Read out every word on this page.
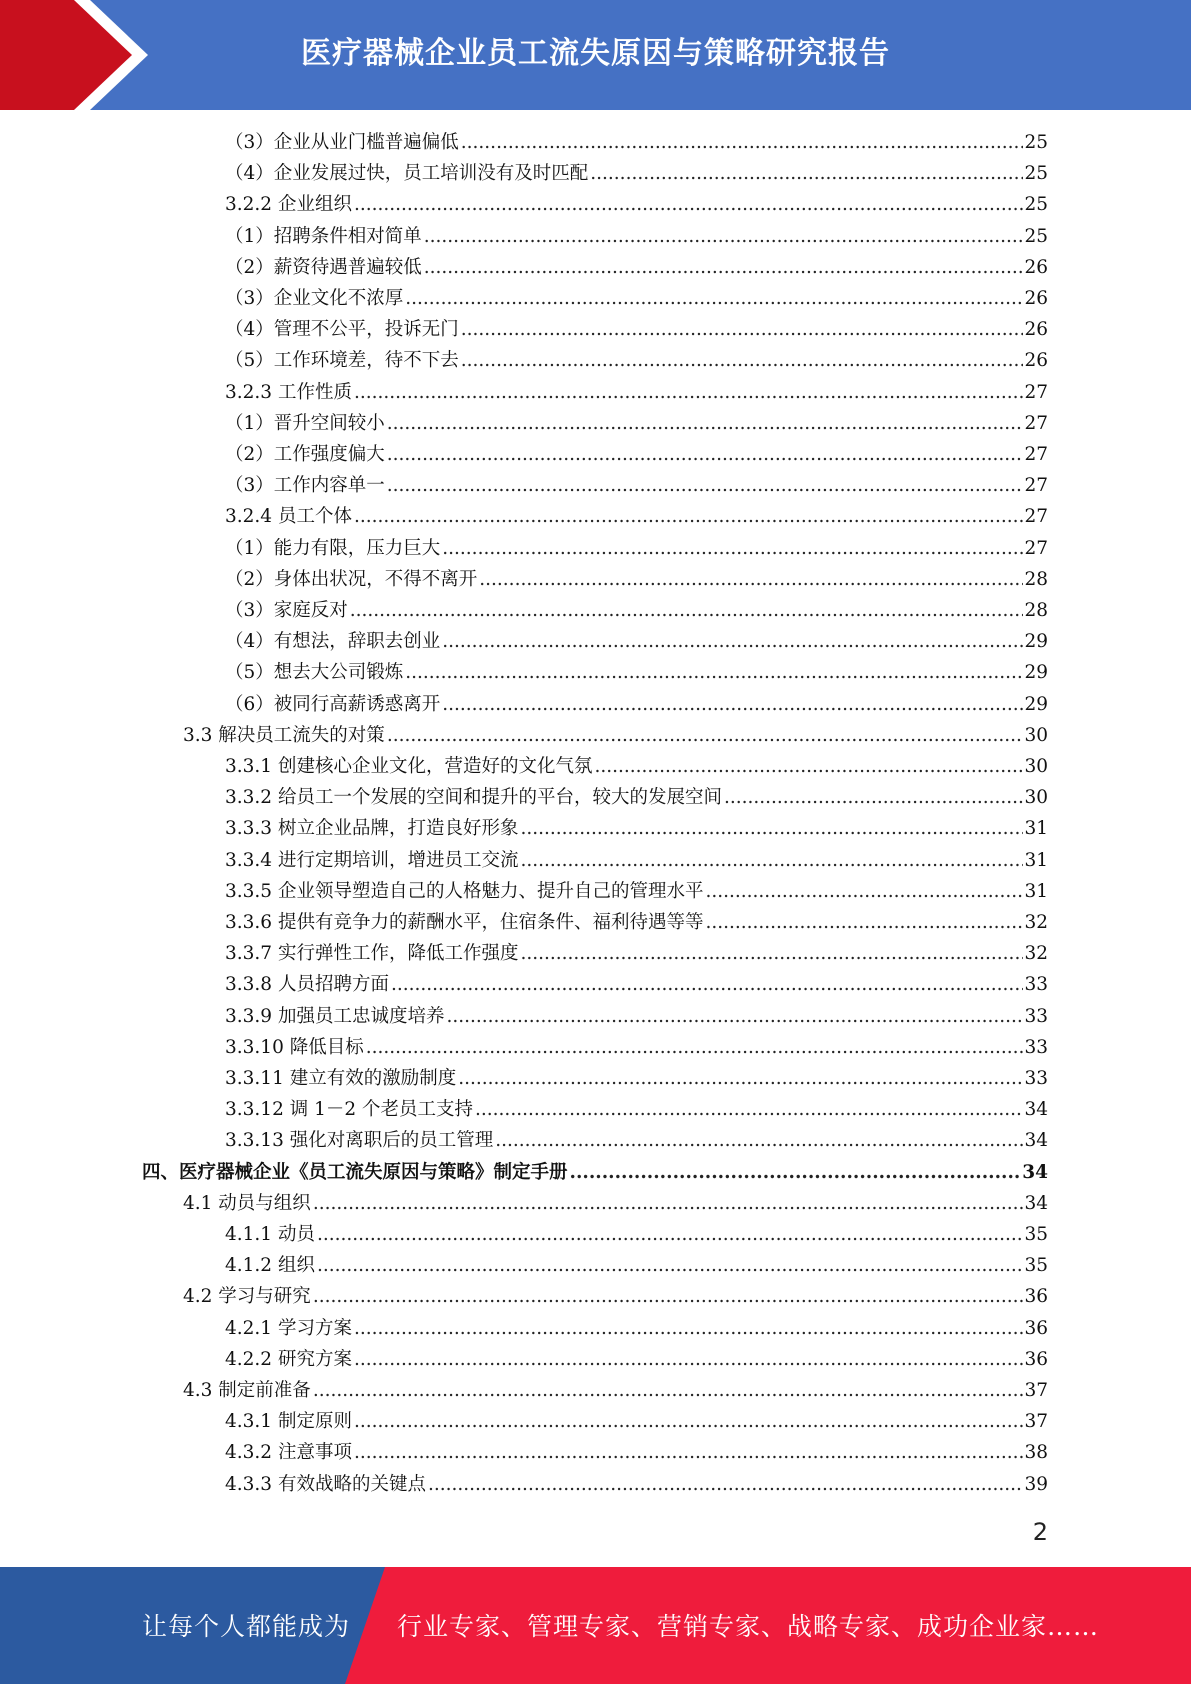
医疗器械企业员工流失原因与策略研究报告
（3）企业从业门槛普遍偏低 .....	25
（4）企业发展过快，员工培训没有及时匹配 .....	25
3.2.2 企业组织 .....	25
（1）招聘条件相对简单 .....	25
（2）薪资待遇普遍较低 .....	26
（3）企业文化不浓厚 .....	26
（4）管理不公平，投诉无门 .....	26
（5）工作环境差，待不下去 .....	26
3.2.3 工作性质 .....	27
（1）晋升空间较小 .....	27
（2）工作强度偏大 .....	27
（3）工作内容单一 .....	27
3.2.4 员工个体 .....	27
（1）能力有限，压力巨大 .....	27
（2）身体出状况，不得不离开 .....	28
（3）家庭反对 .....	28
（4）有想法，辞职去创业 .....	29
（5）想去大公司锻炼 .....	29
（6）被同行高薪诱惑离开 .....	29
3.3 解决员工流失的对策 .....	30
3.3.1 创建核心企业文化，营造好的文化气氛 .....	30
3.3.2 给员工一个发展的空间和提升的平台，较大的发展空间 .....	30
3.3.3 树立企业品牌，打造良好形象 .....	31
3.3.4 进行定期培训，增进员工交流 .....	31
3.3.5 企业领导塑造自己的人格魅力、提升自己的管理水平 .....	31
3.3.6 提供有竞争力的薪酬水平，住宿条件、福利待遇等等 .....	32
3.3.7 实行弹性工作，降低工作强度 .....	32
3.3.8 人员招聘方面 .....	33
3.3.9 加强员工忠诚度培养 .....	33
3.3.10 降低目标 .....	33
3.3.11 建立有效的激励制度 .....	33
3.3.12 调 1－2 个老员工支持 .....	34
3.3.13 强化对离职后的员工管理 .....	34
四、医疗器械企业《员工流失原因与策略》制定手册 .....	34
4.1 动员与组织 .....	34
4.1.1 动员 .....	35
4.1.2 组织 .....	35
4.2 学习与研究 .....	36
4.2.1 学习方案 .....	36
4.2.2 研究方案 .....	36
4.3 制定前准备 .....	37
4.3.1 制定原则 .....	37
4.3.2 注意事项 .....	38
4.3.3 有效战略的关键点 .....	39
2
让每个人都能成为 行业专家、管理专家、营销专家、战略专家、成功企业家……
